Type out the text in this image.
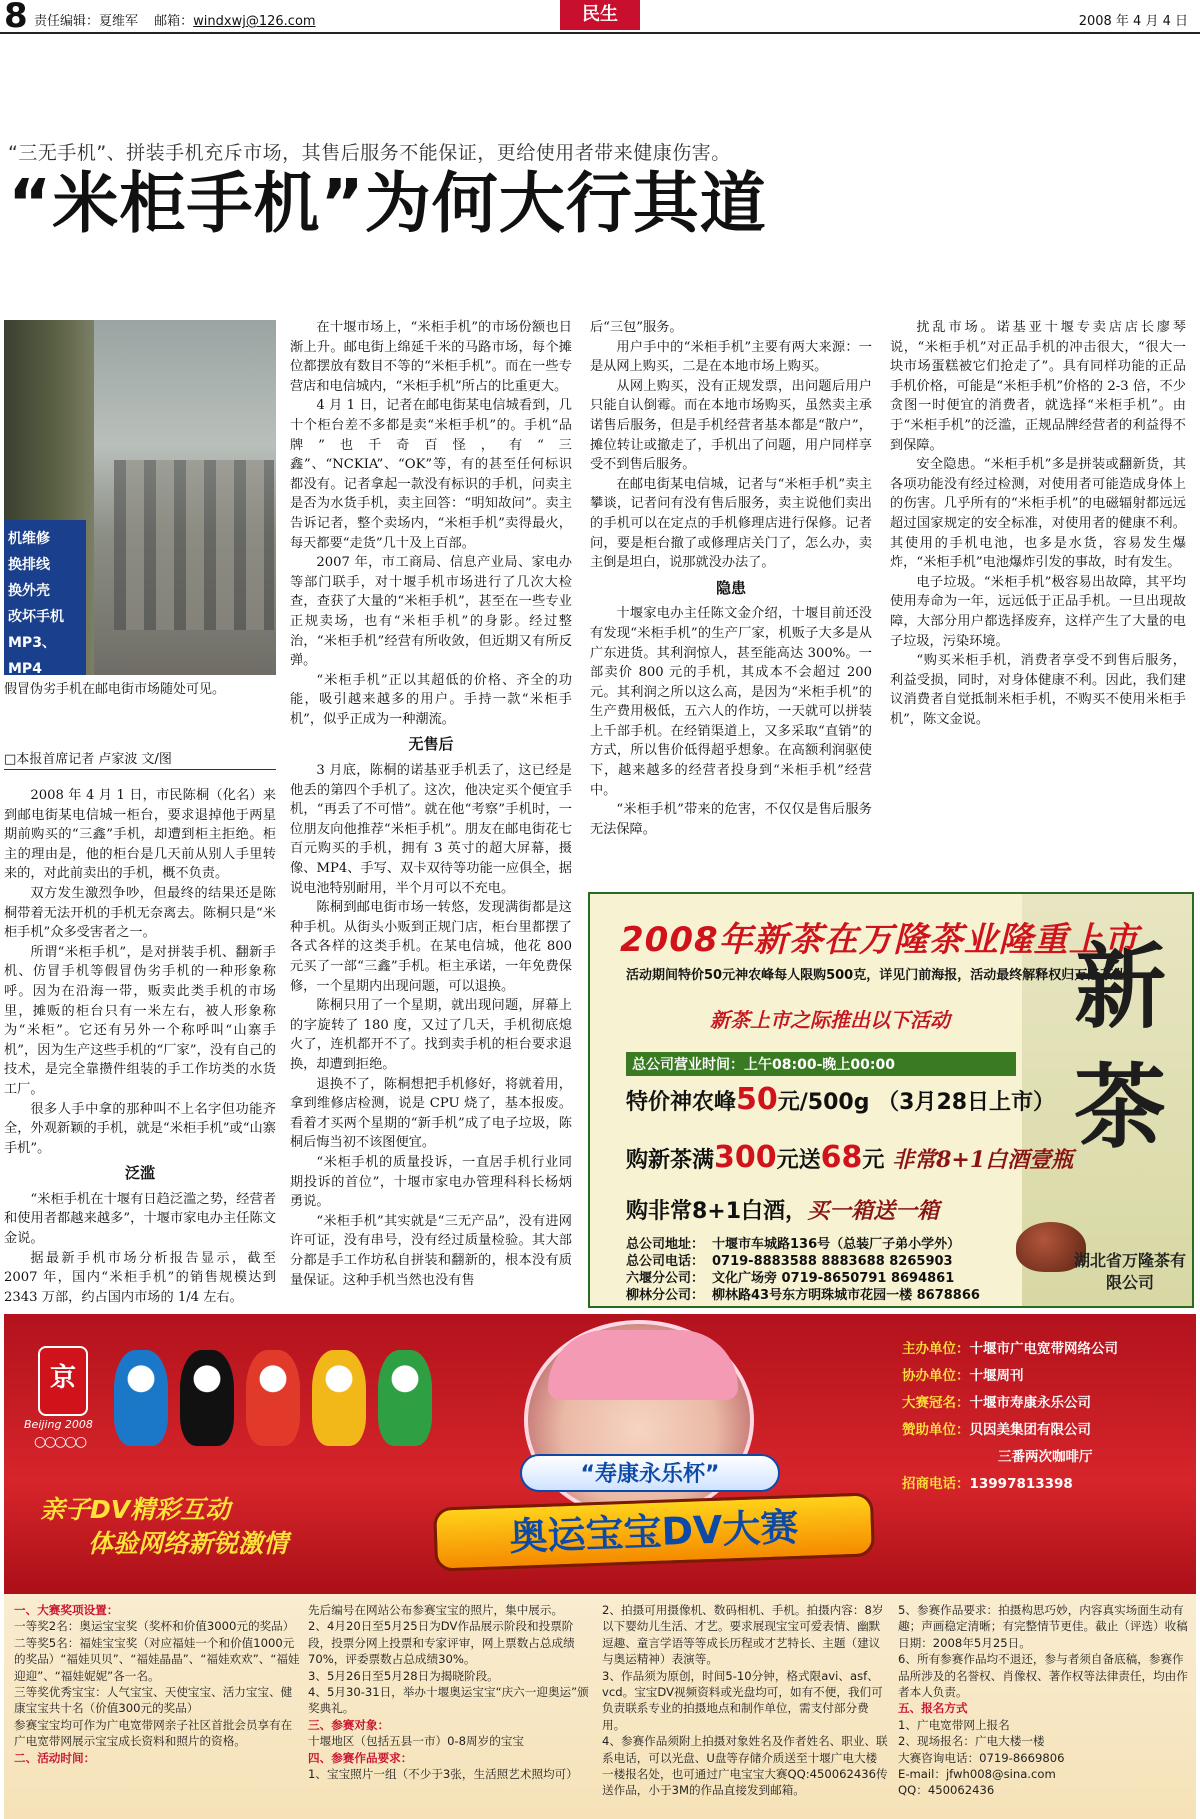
8 责任编辑：夏维军 邮箱：windxwj@126.com	民生	2008 年 4 月 4 日
“三无手机”、拼装手机充斥市场，其售后服务不能保证，更给使用者带来健康伤害。
“米柜手机”为何大行其道
机维修
换排线
换外壳
改坏手机
MP3、MP4
假冒伪劣手机在邮电街市场随处可见。
□本报首席记者 卢家波 文/图

2008 年 4 月 1 日，市民陈桐（化名）来到邮电街某电信城一柜台，要求退掉他于两星期前购买的“三鑫”手机，却遭到柜主拒绝。柜主的理由是，他的柜台是几天前从别人手里转来的，对此前卖出的手机，概不负责。

双方发生激烈争吵，但最终的结果还是陈桐带着无法开机的手机无奈离去。陈桐只是“米柜手机”众多受害者之一。

所谓“米柜手机”，是对拼装手机、翻新手机、仿冒手机等假冒伪劣手机的一种形象称呼。因为在沿海一带，贩卖此类手机的市场里，摊贩的柜台只有一米左右，被人形象称为“米柜”。它还有另外一个称呼叫“山寨手机”，因为生产这些手机的“厂家”，没有自己的技术，是完全靠攒件组装的手工作坊类的水货工厂。

很多人手中拿的那种叫不上名字但功能齐全，外观新颖的手机，就是“米柜手机”或“山寨手机”。

泛滥

“米柜手机在十堰有日趋泛滥之势，经营者和使用者都越来越多”，十堰市家电办主任陈文金说。

据最新手机市场分析报告显示，截至 2007 年，国内“米柜手机”的销售规模达到 2343 万部，约占国内市场的 1/4 左右。

在十堰市场上，“米柜手机”的市场份额也日渐上升。邮电街上绵延千米的马路市场，每个摊位都摆放有数目不等的“米柜手机”。而在一些专营店和电信城内，“米柜手机”所占的比重更大。

4 月 1 日，记者在邮电街某电信城看到，几十个柜台差不多都是卖“米柜手机”的。手机“品牌”也千奇百怪，有“三鑫”、“NCKIA”、“OK”等，有的甚至任何标识都没有。记者拿起一款没有标识的手机，问卖主是否为水货手机，卖主回答：“明知故问”。卖主告诉记者，整个卖场内，“米柜手机”卖得最火，每天都要“走货”几十及上百部。

2007 年，市工商局、信息产业局、家电办等部门联手，对十堰手机市场进行了几次大检查，查获了大量的“米柜手机”，甚至在一些专业正规卖场，也有“米柜手机”的身影。经过整治，“米柜手机”经营有所收敛，但近期又有所反弹。

“米柜手机”正以其超低的价格、齐全的功能，吸引越来越多的用户。手持一款“米柜手机”，似乎正成为一种潮流。

无售后

3 月底，陈桐的诺基亚手机丢了，这已经是他丢的第四个手机了。这次，他决定买个便宜手机，“再丢了不可惜”。就在他“考察”手机时，一位朋友向他推荐“米柜手机”。朋友在邮电街花七百元购买的手机，拥有 3 英寸的超大屏幕，摄像、MP4、手写、双卡双待等功能一应俱全，据说电池特别耐用，半个月可以不充电。

陈桐到邮电街市场一转悠，发现满街都是这种手机。从街头小贩到正规门店，柜台里都摆了各式各样的这类手机。在某电信城，他花 800 元买了一部“三鑫”手机。柜主承诺，一年免费保修，一个星期内出现问题，可以退换。

陈桐只用了一个星期，就出现问题，屏幕上的字旋转了 180 度，又过了几天，手机彻底熄火了，连机都开不了。找到卖手机的柜台要求退换，却遭到拒绝。

退换不了，陈桐想把手机修好，将就着用，拿到维修店检测，说是 CPU 烧了，基本报废。看着才买两个星期的“新手机”成了电子垃圾，陈桐后悔当初不该图便宜。

“米柜手机的质量投诉，一直居手机行业同期投诉的首位”，十堰市家电办管理科科长杨炳勇说。

“米柜手机”其实就是“三无产品”，没有进网许可证，没有串号，没有经过质量检验。其大部分都是手工作坊私自拼装和翻新的，根本没有质量保证。这种手机当然也没有售

后“三包”服务。

用户手中的“米柜手机”主要有两大来源：一是从网上购买，二是在本地市场上购买。

从网上购买，没有正规发票，出问题后用户只能自认倒霉。而在本地市场购买，虽然卖主承诺售后服务，但是手机经营者基本都是“散户”，摊位转让或撤走了，手机出了问题，用户同样享受不到售后服务。

在邮电街某电信城，记者与“米柜手机”卖主攀谈，记者问有没有售后服务，卖主说他们卖出的手机可以在定点的手机修理店进行保修。记者问，要是柜台撤了或修理店关门了，怎么办，卖主倒是坦白，说那就没办法了。

隐患

十堰家电办主任陈文金介绍，十堰目前还没有发现“米柜手机”的生产厂家，机贩子大多是从广东进货。其利润惊人，甚至能高达 300%。一部卖价 800 元的手机，其成本不会超过 200 元。其利润之所以这么高，是因为“米柜手机”的生产费用极低，五六人的作坊，一天就可以拼装上千部手机。在经销渠道上，又多采取“直销”的方式，所以售价低得超乎想象。在高额利润驱使下，越来越多的经营者投身到“米柜手机”经营中。

“米柜手机”带来的危害，不仅仅是售后服务无法保障。

扰乱市场。诺基亚十堰专卖店店长廖琴说，“米柜手机”对正品手机的冲击很大，“很大一块市场蛋糕被它们抢走了”。具有同样功能的正品手机价格，可能是“米柜手机”价格的 2-3 倍，不少贪图一时便宜的消费者，就选择“米柜手机”。由于“米柜手机”的泛滥，正规品牌经营者的利益得不到保障。

安全隐患。“米柜手机”多是拼装或翻新货，其各项功能没有经过检测，对使用者可能造成身体上的伤害。几乎所有的“米柜手机”的电磁辐射都远远超过国家规定的安全标准，对使用者的健康不利。其使用的手机电池，也多是水货，容易发生爆炸，“米柜手机”电池爆炸引发的事故，时有发生。

电子垃圾。“米柜手机”极容易出故障，其平均使用寿命为一年，远远低于正品手机。一旦出现故障，大部分用户都选择废弃，这样产生了大量的电子垃圾，污染环境。

“购买米柜手机，消费者享受不到售后服务，利益受损，同时，对身体健康不利。因此，我们建议消费者自觉抵制米柜手机，不购买不使用米柜手机”，陈文金说。

2008年新茶在万隆茶业隆重上市
活动期间特价50元神农峰每人限购500克，详见门前海报，活动最终解释权归万隆茶业。
新茶上市之际推出以下活动
总公司营业时间：上午08:00-晚上00:00
特价神农峰50元/500g （3月28日上市）
购新茶满300元送68元 非常8+1白酒壹瓶
购非常8+1白酒，买一箱送一箱
总公司地址： 十堰市车城路136号（总装厂子弟小学外）
总公司电话： 0719-8883588 8883688 8265903
六堰分公司： 文化广场旁 0719-8650791 8694861
柳林分公司： 柳林路43号东方明珠城市花园一楼 8678866
新
茶
湖北省万隆茶有限公司
京
Beijing 2008
○○○○○
亲子DV精彩互动
体验网络新锐激情
“寿康永乐杯”
奥运宝宝DV大赛
主办单位：十堰市广电宽带网络公司
协办单位：十堰周刊
大赛冠名：十堰市寿康永乐公司
赞助单位：贝因美集团有限公司
三番两次咖啡厅
招商电话：13997813398
一、大赛奖项设置：
一等奖2名：奥运宝宝奖（奖杯和价值3000元的奖品）
二等奖5名：福娃宝宝奖（对应福娃一个和价值1000元的奖品）“福娃贝贝”、“福娃晶晶”、“福娃欢欢”、“福娃迎迎”、“福娃妮妮”各一名。
三等奖优秀宝宝：人气宝宝、天使宝宝、活力宝宝、健康宝宝共十名（价值300元的奖品）
参赛宝宝均可作为广电宽带网亲子社区首批会员享有在广电宽带网展示宝宝成长资料和照片的资格。
二、活动时间：
先后编号在网站公布参赛宝宝的照片，集中展示。
2、4月20日至5月25日为DV作品展示阶段和投票阶段，投票分网上投票和专家评审，网上票数占总成绩70%，评委票数占总成绩30%。
3、5月26日至5月28日为揭晓阶段。
4、5月30-31日，举办十堰奥运宝宝“庆六一迎奥运”颁奖典礼。
三、参赛对象：
十堰地区（包括五县一市）0-8周岁的宝宝
四、参赛作品要求：
1、宝宝照片一组（不少于3张，生活照艺术照均可）
2、拍摄可用摄像机、数码相机、手机。拍摄内容：8岁以下婴幼儿生活、才艺。要求展现宝宝可爱表情、幽默逗趣、童言学语等等成长历程或才艺特长、主题（建议与奥运精神）表演等。
3、作品须为原创，时间5-10分钟，格式限avi、asf、vcd。宝宝DV视频资料或光盘均可，如有不便，我们可负责联系专业的拍摄地点和制作单位，需支付部分费用。
4、参赛作品须附上拍摄对象姓名及作者姓名、职业、联系电话，可以光盘、U盘等存储介质送至十堰广电大楼一楼报名处，也可通过广电宝宝大赛QQ:450062436传送作品，小于3M的作品直接发到邮箱。
5、参赛作品要求：拍摄构思巧妙，内容真实场面生动有趣；声画稳定清晰；有完整情节更佳。截止（评选）收稿日期：2008年5月25日。
6、所有参赛作品均不退还，参与者须自备底稿，参赛作品所涉及的名誉权、肖像权、著作权等法律责任，均由作者本人负责。
五、报名方式
1、广电宽带网上报名
2、现场报名：广电大楼一楼
大赛咨询电话：0719-8669806
E-mail：jfwh008@sina.com
QQ：450062436
